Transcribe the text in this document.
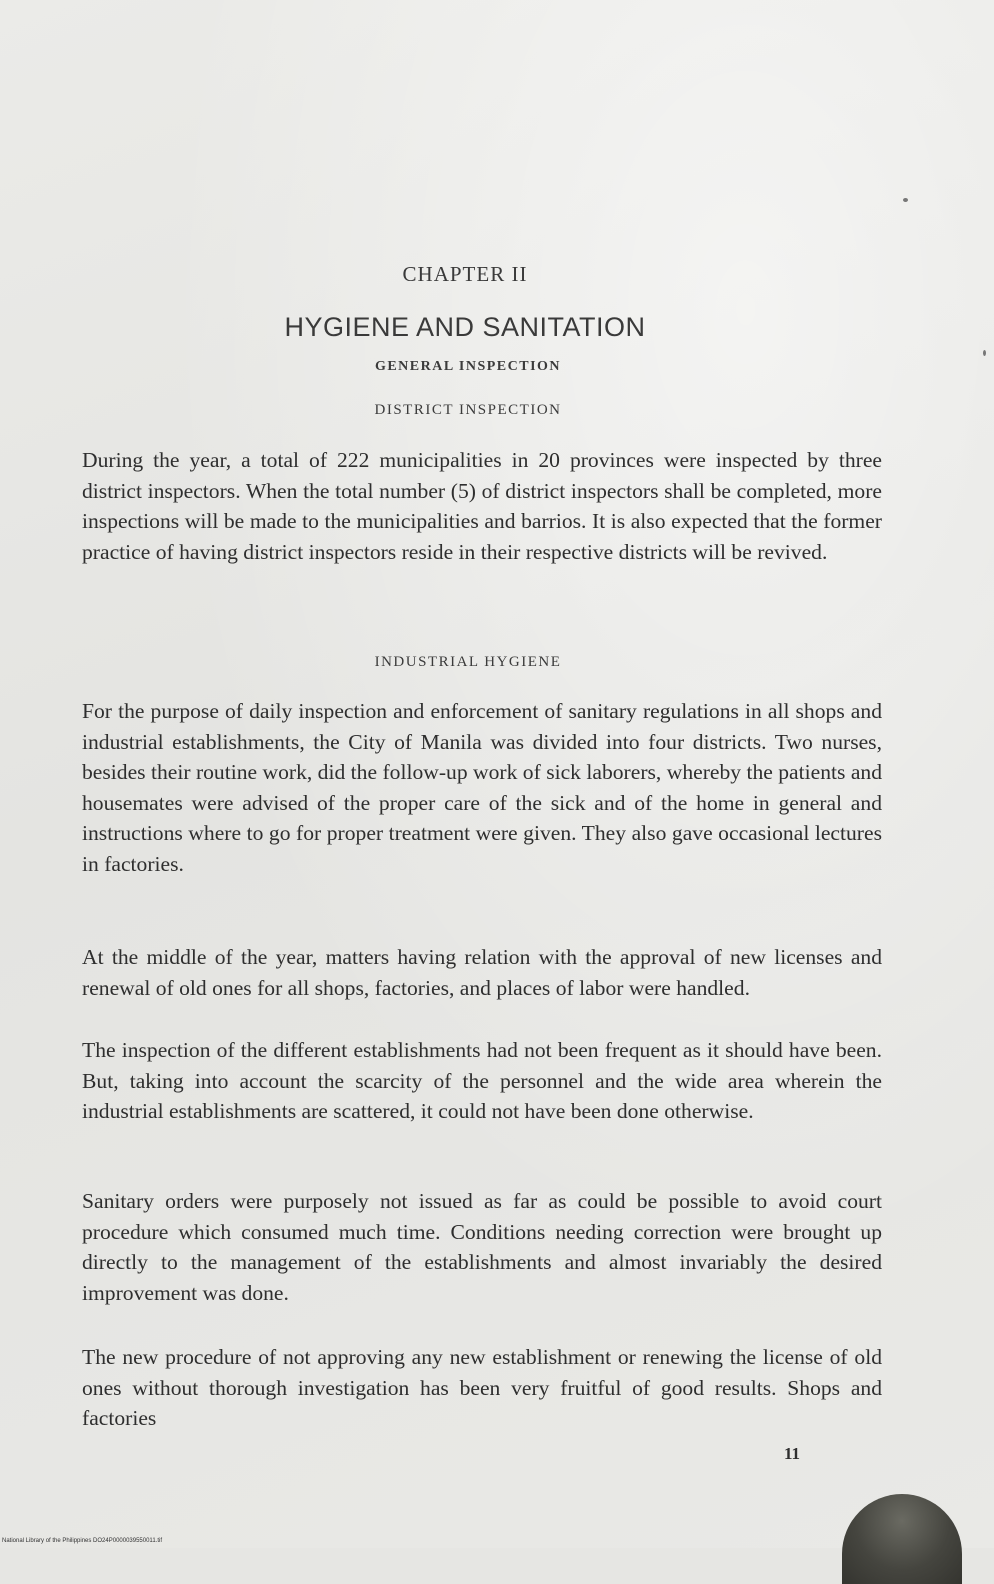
CHAPTER II
HYGIENE AND SANITATION
GENERAL INSPECTION
DISTRICT INSPECTION

During the year, a total of 222 municipalities in 20 provinces were inspected by three district inspectors. When the total number (5) of district inspectors shall be completed, more inspections will be made to the municipalities and barrios. It is also expected that the former practice of having district inspectors reside in their respective districts will be revived.

INDUSTRIAL HYGIENE

For the purpose of daily inspection and enforcement of sanitary regulations in all shops and industrial establishments, the City of Manila was divided into four districts. Two nurses, besides their routine work, did the follow-up work of sick laborers, whereby the patients and housemates were advised of the proper care of the sick and of the home in general and instructions where to go for proper treatment were given. They also gave occasional lectures in factories.

At the middle of the year, matters having relation with the approval of new licenses and renewal of old ones for all shops, factories, and places of labor were handled.

The inspection of the different establishments had not been frequent as it should have been. But, taking into account the scarcity of the personnel and the wide area wherein the industrial establishments are scattered, it could not have been done otherwise.

Sanitary orders were purposely not issued as far as could be possible to avoid court procedure which consumed much time. Conditions needing correction were brought up directly to the management of the establishments and almost invariably the desired improvement was done.

The new procedure of not approving any new establishment or renewing the license of old ones without thorough investigation has been very fruitful of good results. Shops and factories

11
National Library of the Philippines DO24P0000039550011.tif
